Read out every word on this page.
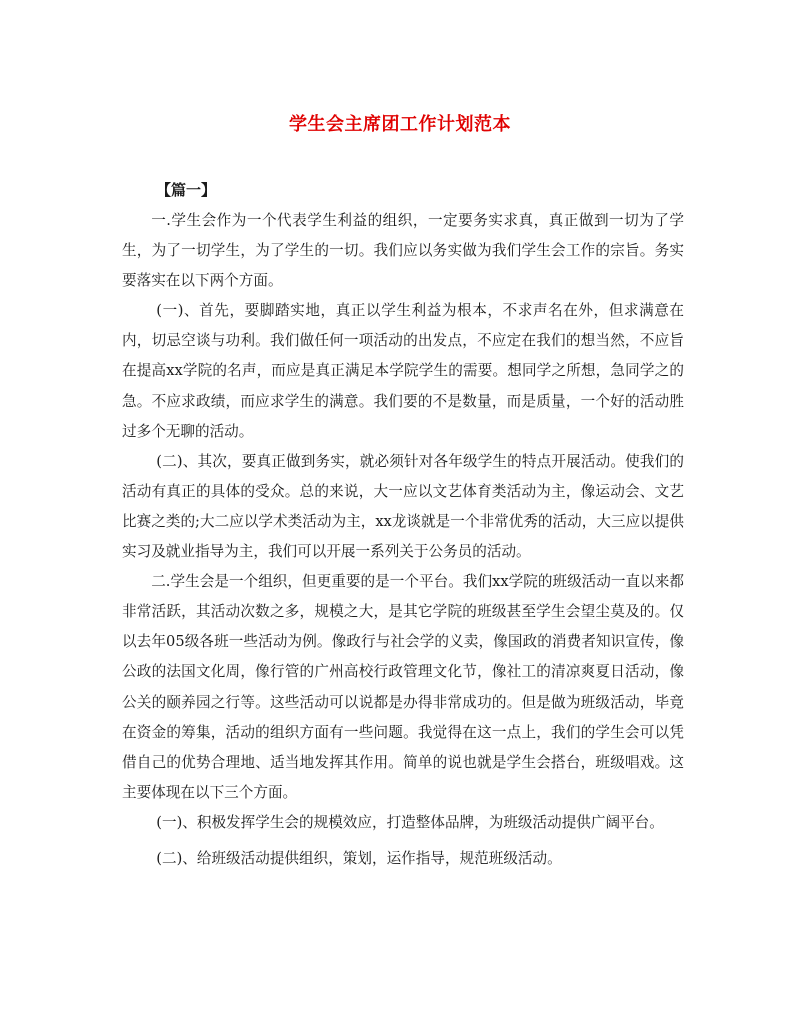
学生会主席团工作计划范本
【篇一】

一.学生会作为一个代表学生利益的组织，一定要务实求真，真正做到一切为了学生，为了一切学生，为了学生的一切。我们应以务实做为我们学生会工作的宗旨。务实要落实在以下两个方面。

(一)、首先，要脚踏实地，真正以学生利益为根本，不求声名在外，但求满意在内，切忌空谈与功利。我们做任何一项活动的出发点，不应定在我们的想当然，不应旨在提高xx学院的名声，而应是真正满足本学院学生的需要。想同学之所想，急同学之的急。不应求政绩，而应求学生的满意。我们要的不是数量，而是质量，一个好的活动胜过多个无聊的活动。

(二)、其次，要真正做到务实，就必须针对各年级学生的特点开展活动。使我们的活动有真正的具体的受众。总的来说，大一应以文艺体育类活动为主，像运动会、文艺比赛之类的;大二应以学术类活动为主，xx龙谈就是一个非常优秀的活动，大三应以提供实习及就业指导为主，我们可以开展一系列关于公务员的活动。

二.学生会是一个组织，但更重要的是一个平台。我们xx学院的班级活动一直以来都非常活跃，其活动次数之多，规模之大，是其它学院的班级甚至学生会望尘莫及的。仅以去年05级各班一些活动为例。像政行与社会学的义卖，像国政的消费者知识宣传，像公政的法国文化周，像行管的广州高校行政管理文化节，像社工的清凉爽夏日活动，像公关的颐养园之行等。这些活动可以说都是办得非常成功的。但是做为班级活动，毕竟在资金的筹集，活动的组织方面有一些问题。我觉得在这一点上，我们的学生会可以凭借自己的优势合理地、适当地发挥其作用。简单的说也就是学生会搭台，班级唱戏。这主要体现在以下三个方面。

(一)、积极发挥学生会的规模效应，打造整体品牌，为班级活动提供广阔平台。

(二)、给班级活动提供组织，策划，运作指导，规范班级活动。
